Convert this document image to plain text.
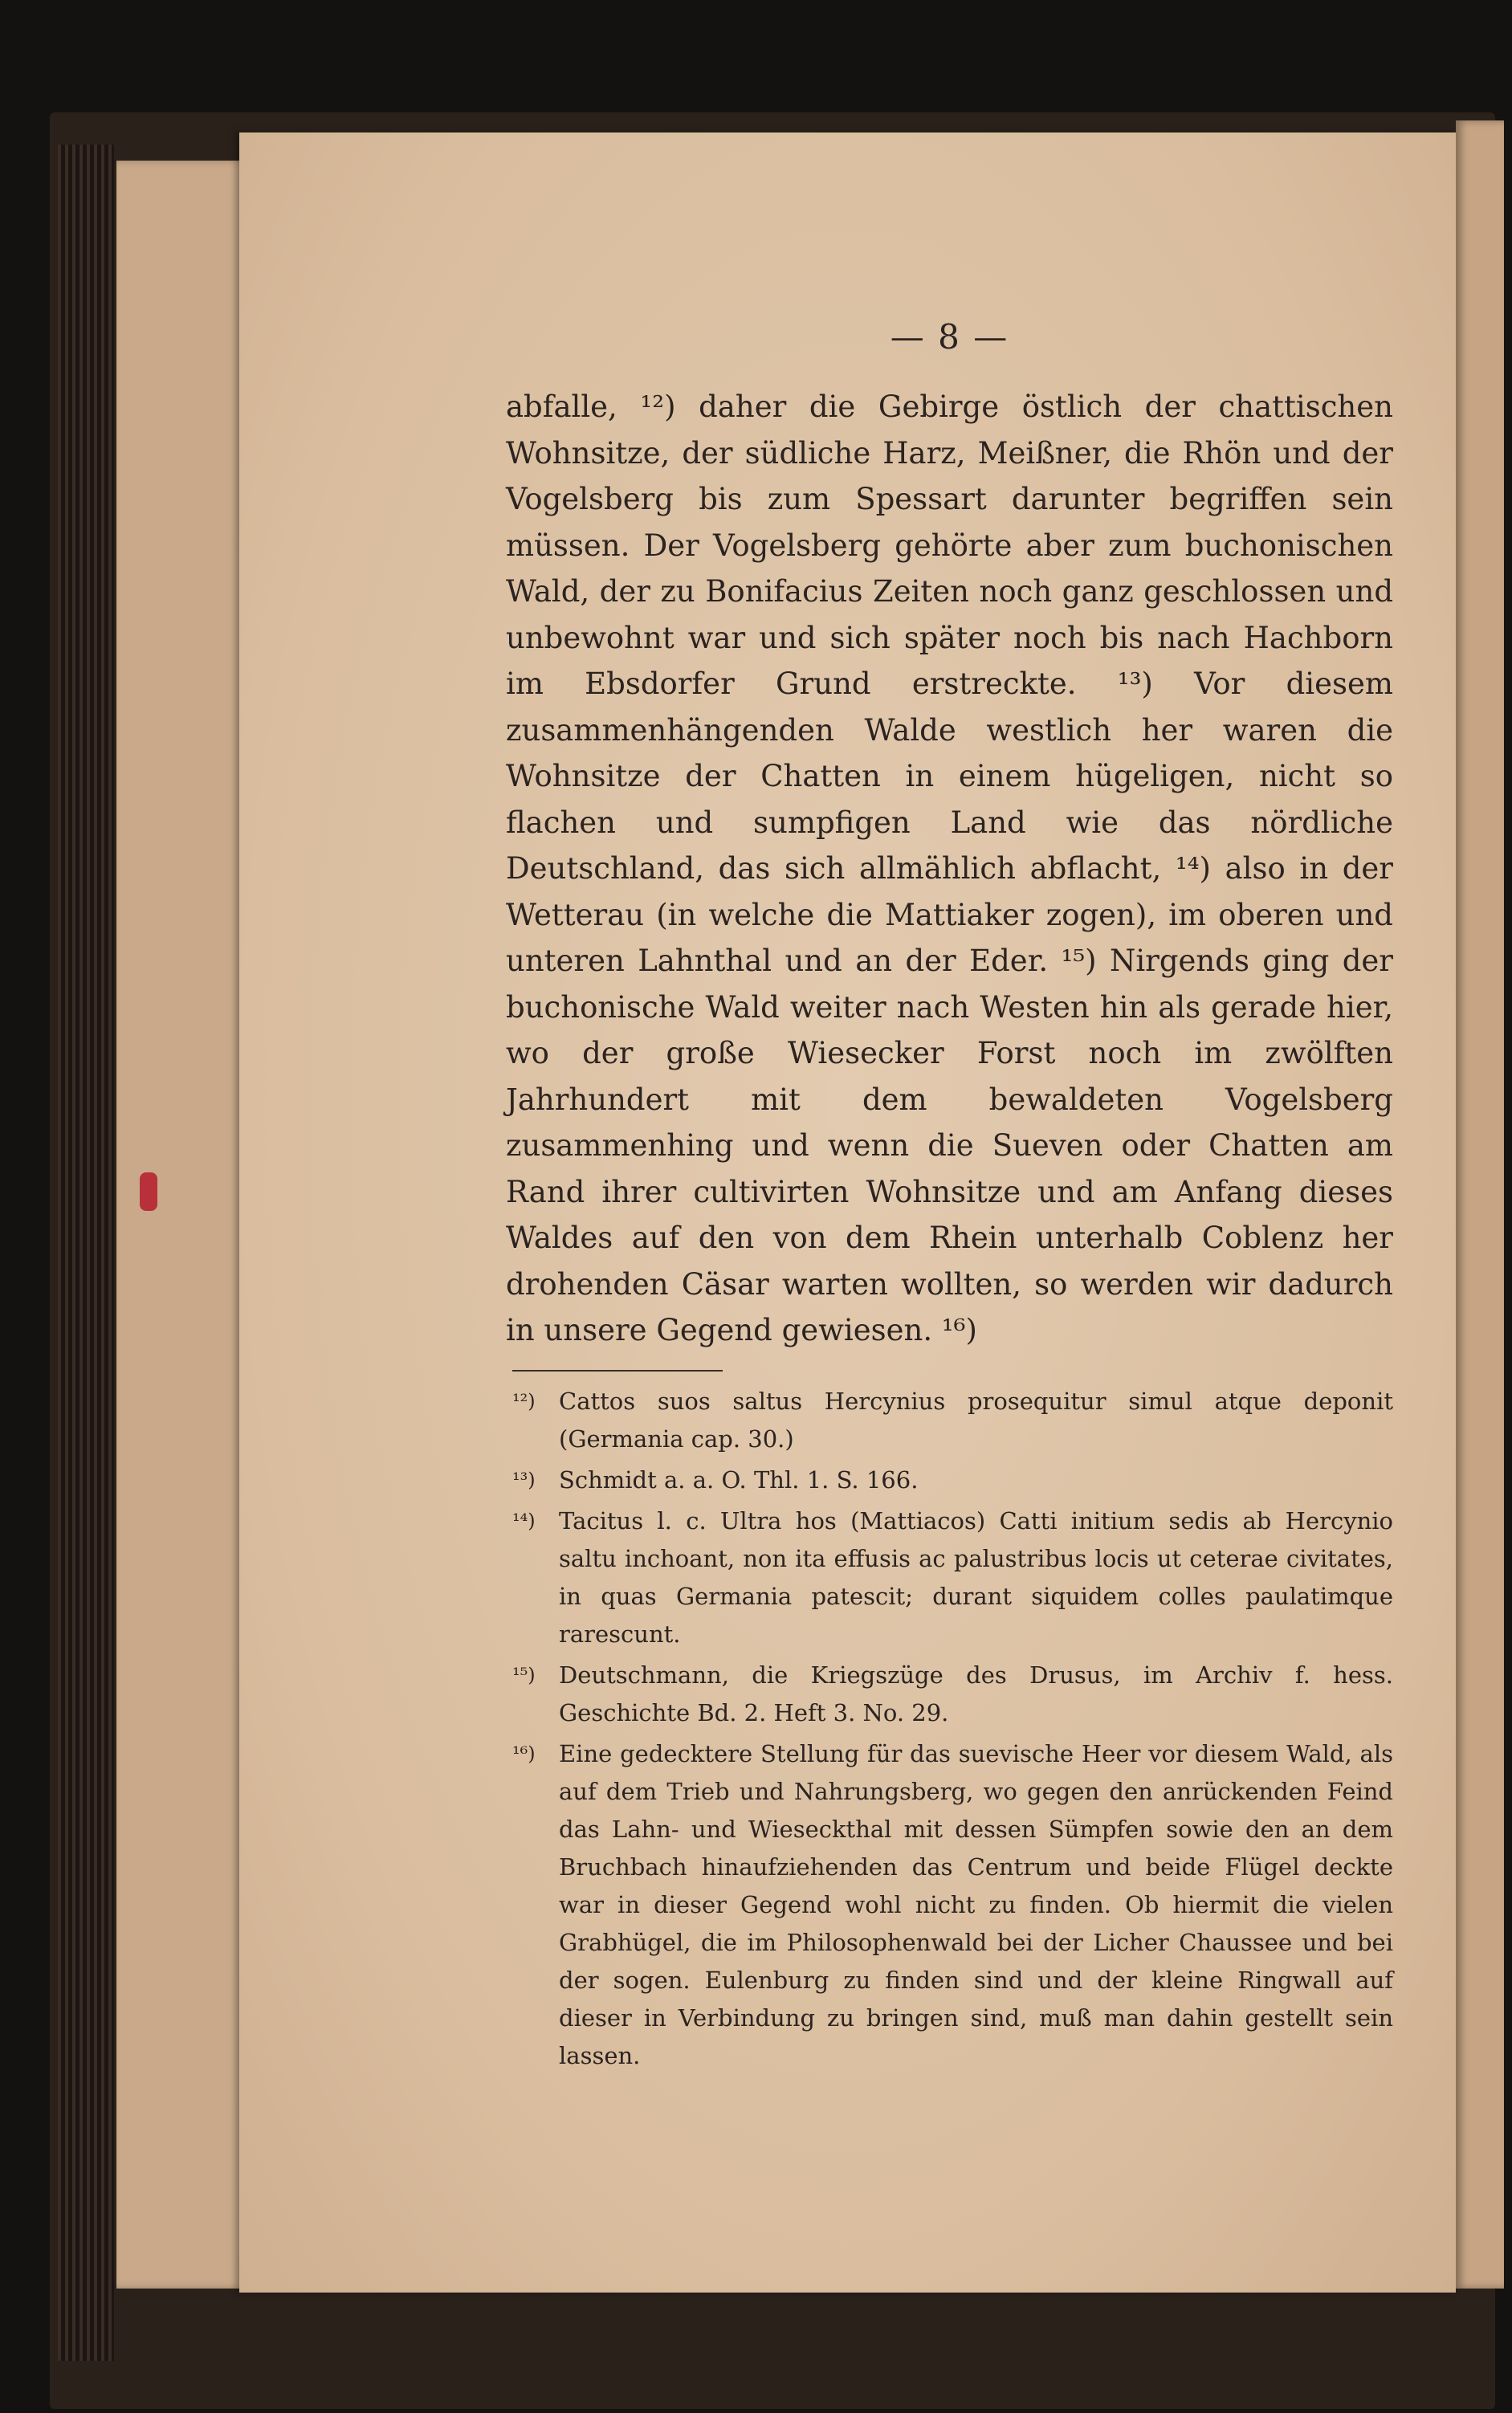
— 8 —

abfalle, ¹²) daher die Gebirge östlich der chattischen Wohnsitze, der südliche Harz, Meißner, die Rhön und der Vogelsberg bis zum Spessart darunter begriffen sein müssen. Der Vogelsberg gehörte aber zum buchonischen Wald, der zu Bonifacius Zeiten noch ganz geschlossen und unbewohnt war und sich später noch bis nach Hachborn im Ebsdorfer Grund erstreckte. ¹³) Vor diesem zusammenhängenden Walde westlich her waren die Wohnsitze der Chatten in einem hügeligen, nicht so flachen und sumpfigen Land wie das nördliche Deutschland, das sich allmählich abflacht, ¹⁴) also in der Wetterau (in welche die Mattiaker zogen), im oberen und unteren Lahnthal und an der Eder. ¹⁵) Nirgends ging der buchonische Wald weiter nach Westen hin als gerade hier, wo der große Wiesecker Forst noch im zwölften Jahrhundert mit dem bewaldeten Vogelsberg zusammenhing und wenn die Sueven oder Chatten am Rand ihrer cultivirten Wohnsitze und am Anfang dieses Waldes auf den von dem Rhein unterhalb Coblenz her drohenden Cäsar warten wollten, so werden wir dadurch in unsere Gegend gewiesen. ¹⁶)

¹²)	Cattos suos saltus Hercynius prosequitur simul atque deponit (Germania cap. 30.)
¹³)	Schmidt a. a. O. Thl. 1. S. 166.
¹⁴)	Tacitus l. c. Ultra hos (Mattiacos) Catti initium sedis ab Hercynio saltu inchoant, non ita effusis ac palustribus locis ut ceterae civitates, in quas Germania patescit; durant siquidem colles paulatimque rarescunt.
¹⁵)	Deutschmann, die Kriegszüge des Drusus, im Archiv f. hess. Geschichte Bd. 2. Heft 3. No. 29.
¹⁶)	Eine gedecktere Stellung für das suevische Heer vor diesem Wald, als auf dem Trieb und Nahrungsberg, wo gegen den anrückenden Feind das Lahn- und Wieseckthal mit dessen Sümpfen sowie den an dem Bruchbach hinaufziehenden das Centrum und beide Flügel deckte war in dieser Gegend wohl nicht zu finden. Ob hiermit die vielen Grabhügel, die im Philosophenwald bei der Licher Chaussee und bei der sogen. Eulenburg zu finden sind und der kleine Ringwall auf dieser in Verbindung zu bringen sind, muß man dahin gestellt sein lassen.
